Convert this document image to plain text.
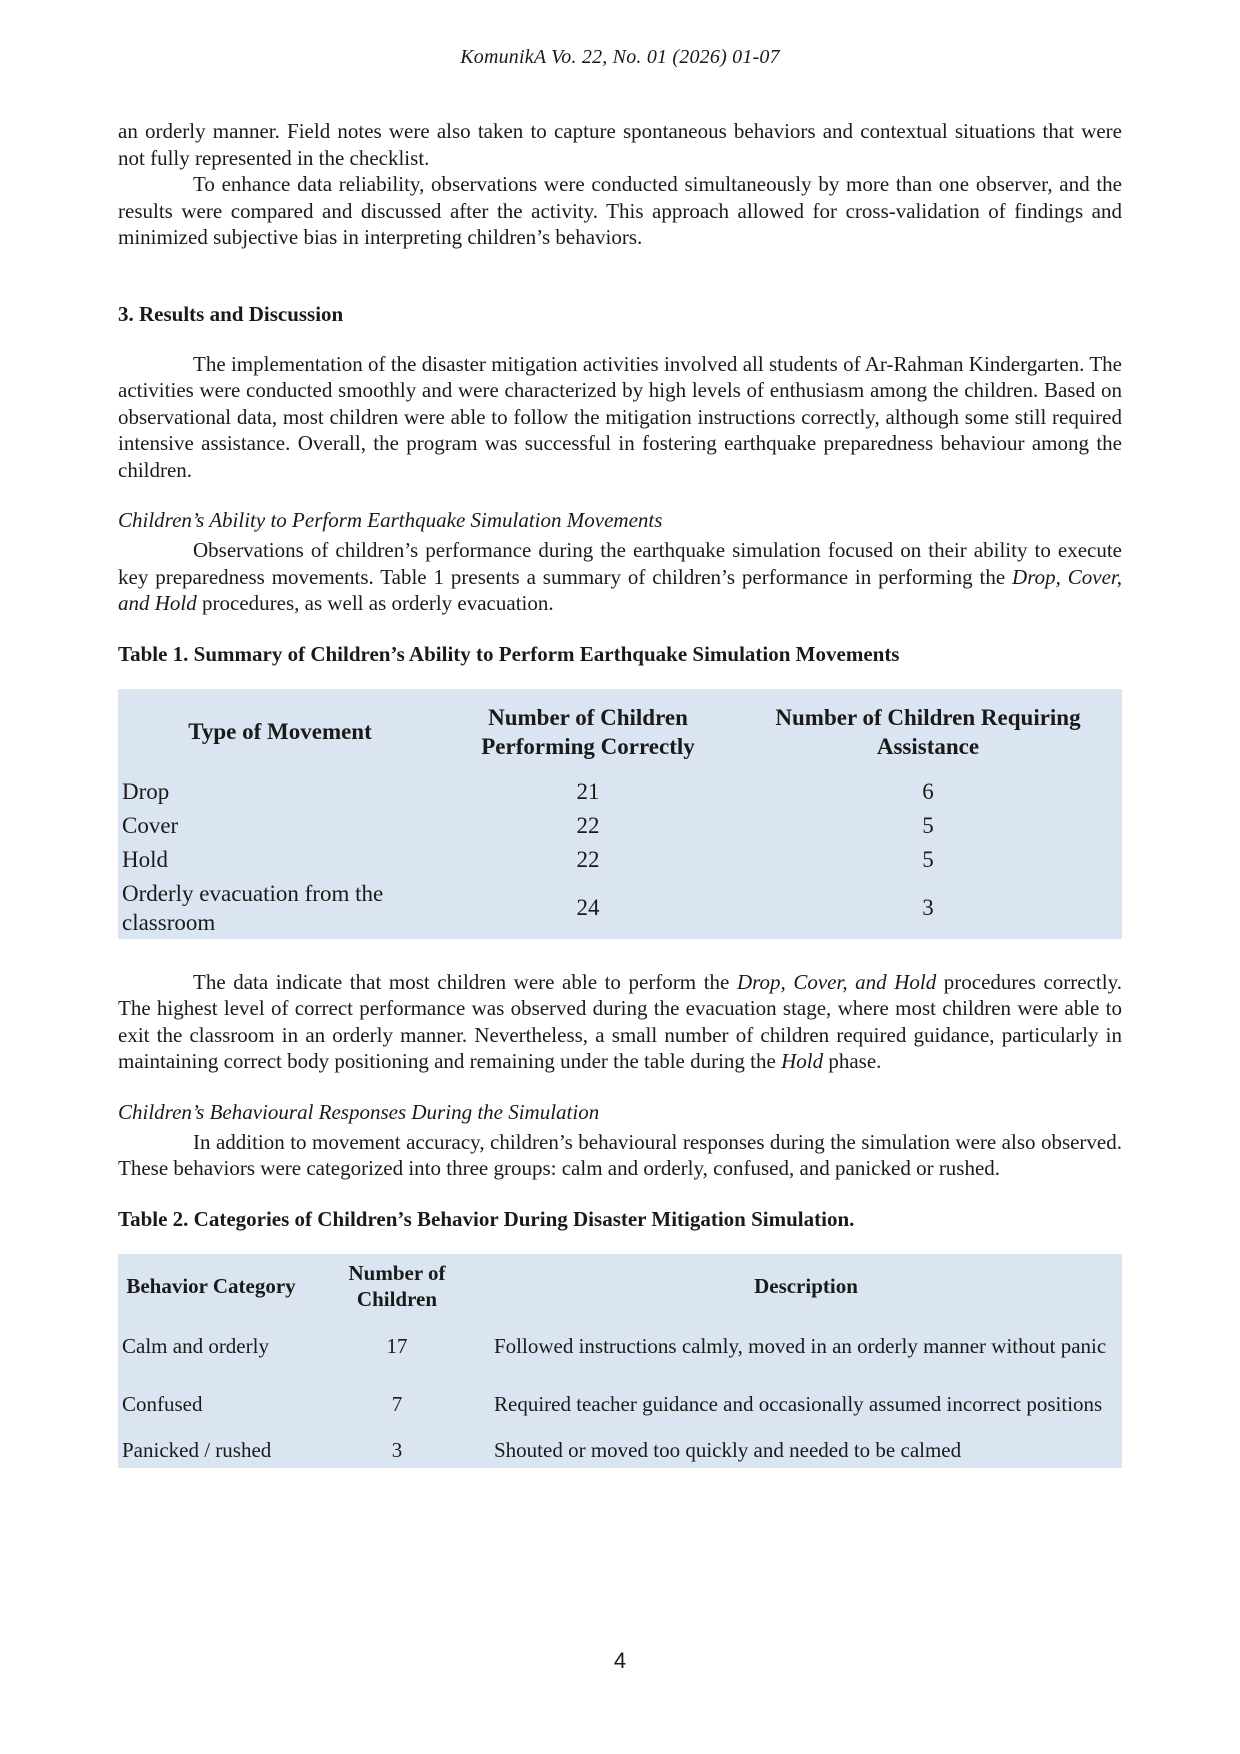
KomunikA Vo. 22, No. 01 (2026) 01-07

an orderly manner. Field notes were also taken to capture spontaneous behaviors and contextual situations that were not fully represented in the checklist.

To enhance data reliability, observations were conducted simultaneously by more than one observer, and the results were compared and discussed after the activity. This approach allowed for cross-validation of findings and minimized subjective bias in interpreting children’s behaviors.

3. Results and Discussion

The implementation of the disaster mitigation activities involved all students of Ar-Rahman Kindergarten. The activities were conducted smoothly and were characterized by high levels of enthusiasm among the children. Based on observational data, most children were able to follow the mitigation instructions correctly, although some still required intensive assistance. Overall, the program was successful in fostering earthquake preparedness behaviour among the children.

Children’s Ability to Perform Earthquake Simulation Movements

Observations of children’s performance during the earthquake simulation focused on their ability to execute key preparedness movements. Table 1 presents a summary of children’s performance in performing the Drop, Cover, and Hold procedures, as well as orderly evacuation.

Table 1. Summary of Children’s Ability to Perform Earthquake Simulation Movements
Type of Movement	Number of Children Performing Correctly	Number of Children Requiring Assistance
Drop	21	6
Cover	22	5
Hold	22	5
Orderly evacuation from the classroom	24	3

The data indicate that most children were able to perform the Drop, Cover, and Hold procedures correctly. The highest level of correct performance was observed during the evacuation stage, where most children were able to exit the classroom in an orderly manner. Nevertheless, a small number of children required guidance, particularly in maintaining correct body positioning and remaining under the table during the Hold phase.

Children’s Behavioural Responses During the Simulation

In addition to movement accuracy, children’s behavioural responses during the simulation were also observed. These behaviors were categorized into three groups: calm and orderly, confused, and panicked or rushed.

Table 2. Categories of Children’s Behavior During Disaster Mitigation Simulation.
Behavior Category	Number of Children	Description
Calm and orderly	17	Followed instructions calmly, moved in an orderly manner without panic
Confused	7	Required teacher guidance and occasionally assumed incorrect positions
Panicked / rushed	3	Shouted or moved too quickly and needed to be calmed
4
